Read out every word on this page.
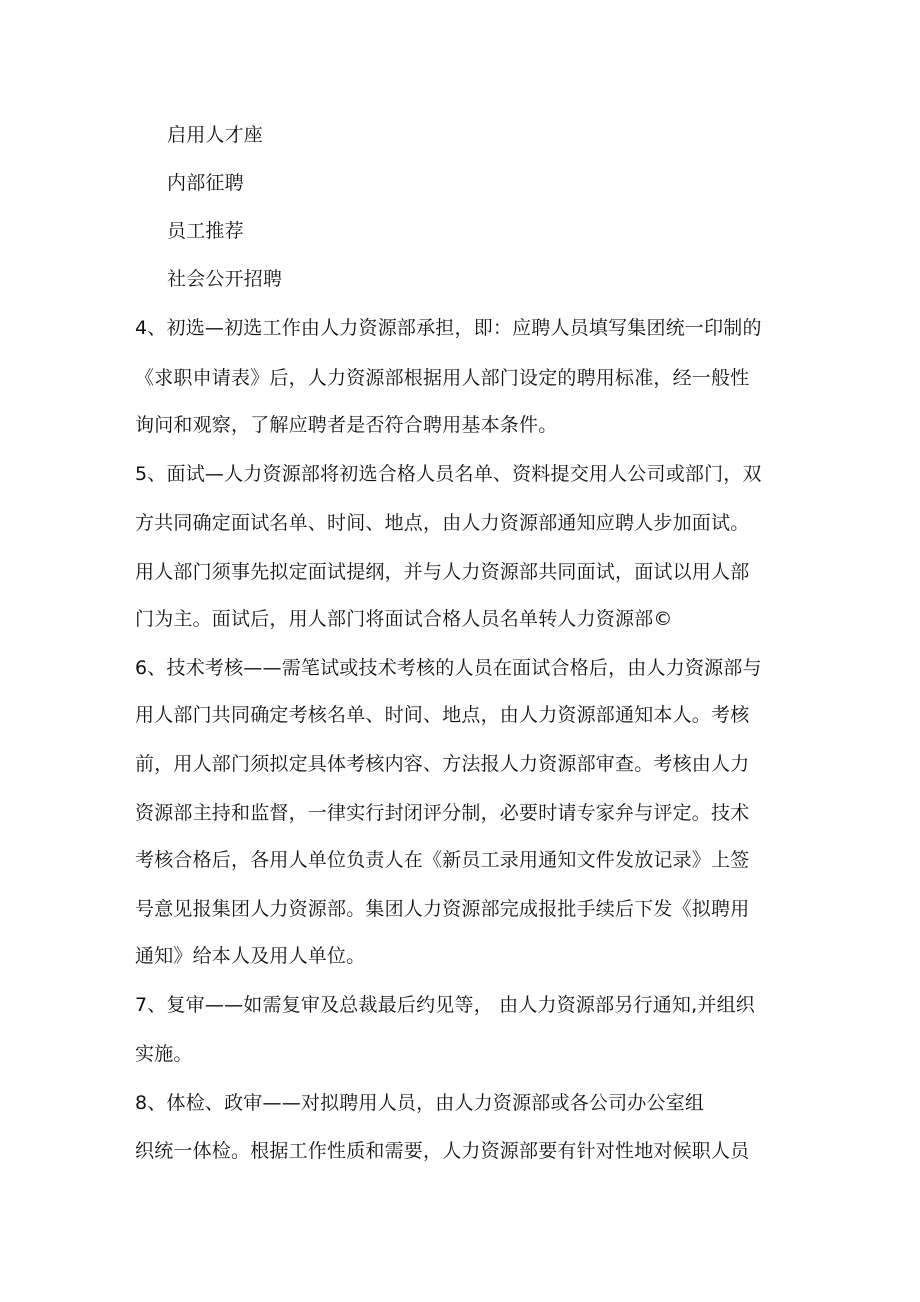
启用人才座
内部征聘
员工推荐
社会公开招聘
4、初选—初选工作由人力资源部承担，即：应聘人员填写集团统一印制的
《求职申请表》后，人力资源部根据用人部门设定的聘用标准，经一般性
询问和观察，了解应聘者是否符合聘用基本条件。
5、面试—人力资源部将初选合格人员名单、资料提交用人公司或部门，双
方共同确定面试名单、时间、地点，由人力资源部通知应聘人步加面试。
用人部门须事先拟定面试提纲，并与人力资源部共同面试，面试以用人部
门为主。面试后，用人部门将面试合格人员名单转人力资源部©
6、技术考核——需笔试或技术考核的人员在面试合格后，由人力资源部与
用人部门共同确定考核名单、时间、地点，由人力资源部通知本人。考核
前，用人部门须拟定具体考核内容、方法报人力资源部审查。考核由人力
资源部主持和监督，一律实行封闭评分制，必要时请专家弁与评定。技术
考核合格后，各用人单位负责人在《新员工录用通知文件发放记录》上签
号意见报集团人力资源部。集团人力资源部完成报批手续后下发《拟聘用
通知》给本人及用人单位。
7、复审——如需复审及总裁最后约见等， 由人力资源部另行通知,并组织
实施。
8、体检、政审——对拟聘用人员，由人力资源部或各公司办公室组
织统一体检。根据工作性质和需要，人力资源部要有针对性地对候职人员
